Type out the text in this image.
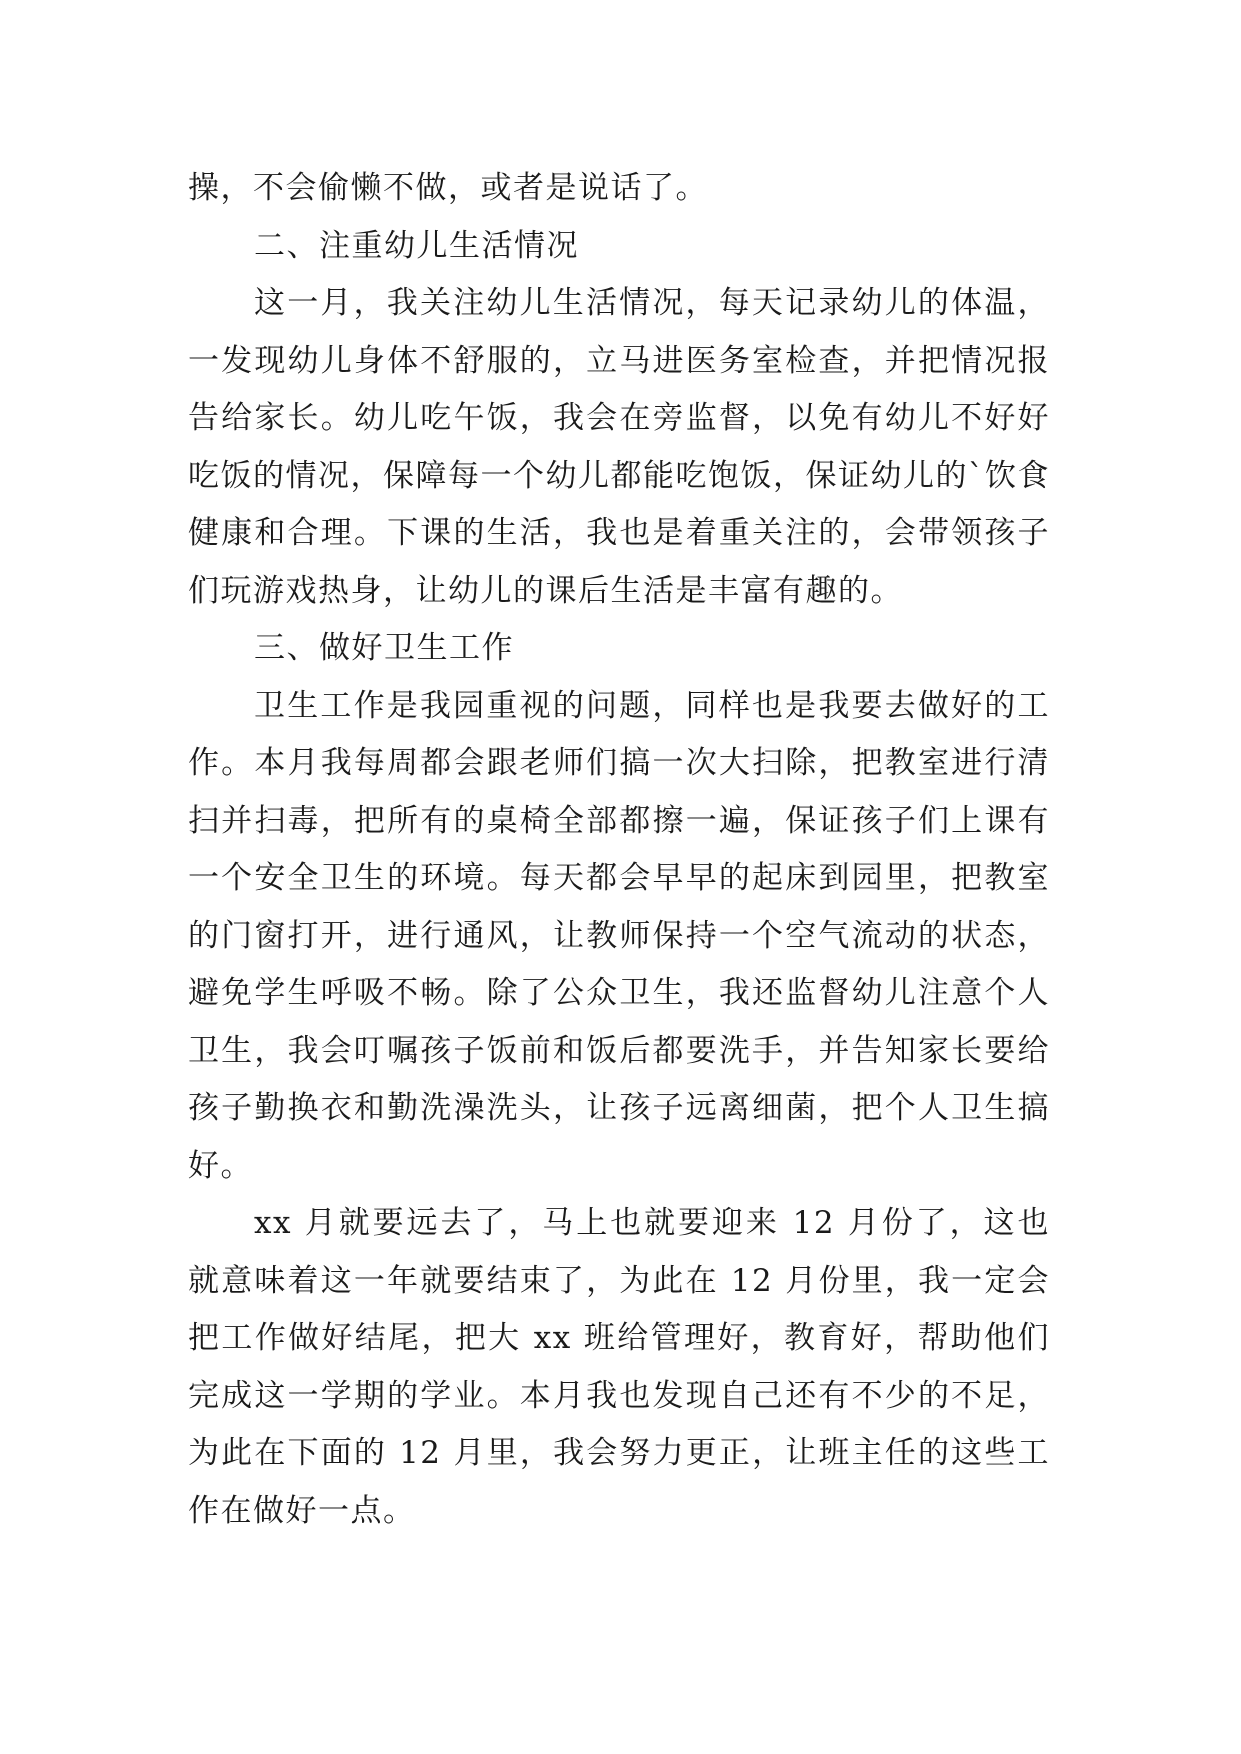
操，不会偷懒不做，或者是说话了。

二、注重幼儿生活情况

这一月，我关注幼儿生活情况，每天记录幼儿的体温，一发现幼儿身体不舒服的，立马进医务室检查，并把情况报告给家长。幼儿吃午饭，我会在旁监督，以免有幼儿不好好吃饭的情况，保障每一个幼儿都能吃饱饭，保证幼儿的`饮食健康和合理。下课的生活，我也是着重关注的，会带领孩子们玩游戏热身，让幼儿的课后生活是丰富有趣的。

三、做好卫生工作

卫生工作是我园重视的问题，同样也是我要去做好的工作。本月我每周都会跟老师们搞一次大扫除，把教室进行清扫并扫毒，把所有的桌椅全部都擦一遍，保证孩子们上课有一个安全卫生的环境。每天都会早早的起床到园里，把教室的门窗打开，进行通风，让教师保持一个空气流动的状态，避免学生呼吸不畅。除了公众卫生，我还监督幼儿注意个人卫生，我会叮嘱孩子饭前和饭后都要洗手，并告知家长要给孩子勤换衣和勤洗澡洗头，让孩子远离细菌，把个人卫生搞好。

xx 月就要远去了，马上也就要迎来 12 月份了，这也就意味着这一年就要结束了，为此在 12 月份里，我一定会把工作做好结尾，把大 xx 班给管理好，教育好，帮助他们完成这一学期的学业。本月我也发现自己还有不少的不足，为此在下面的 12 月里，我会努力更正，让班主任的这些工作在做好一点。
